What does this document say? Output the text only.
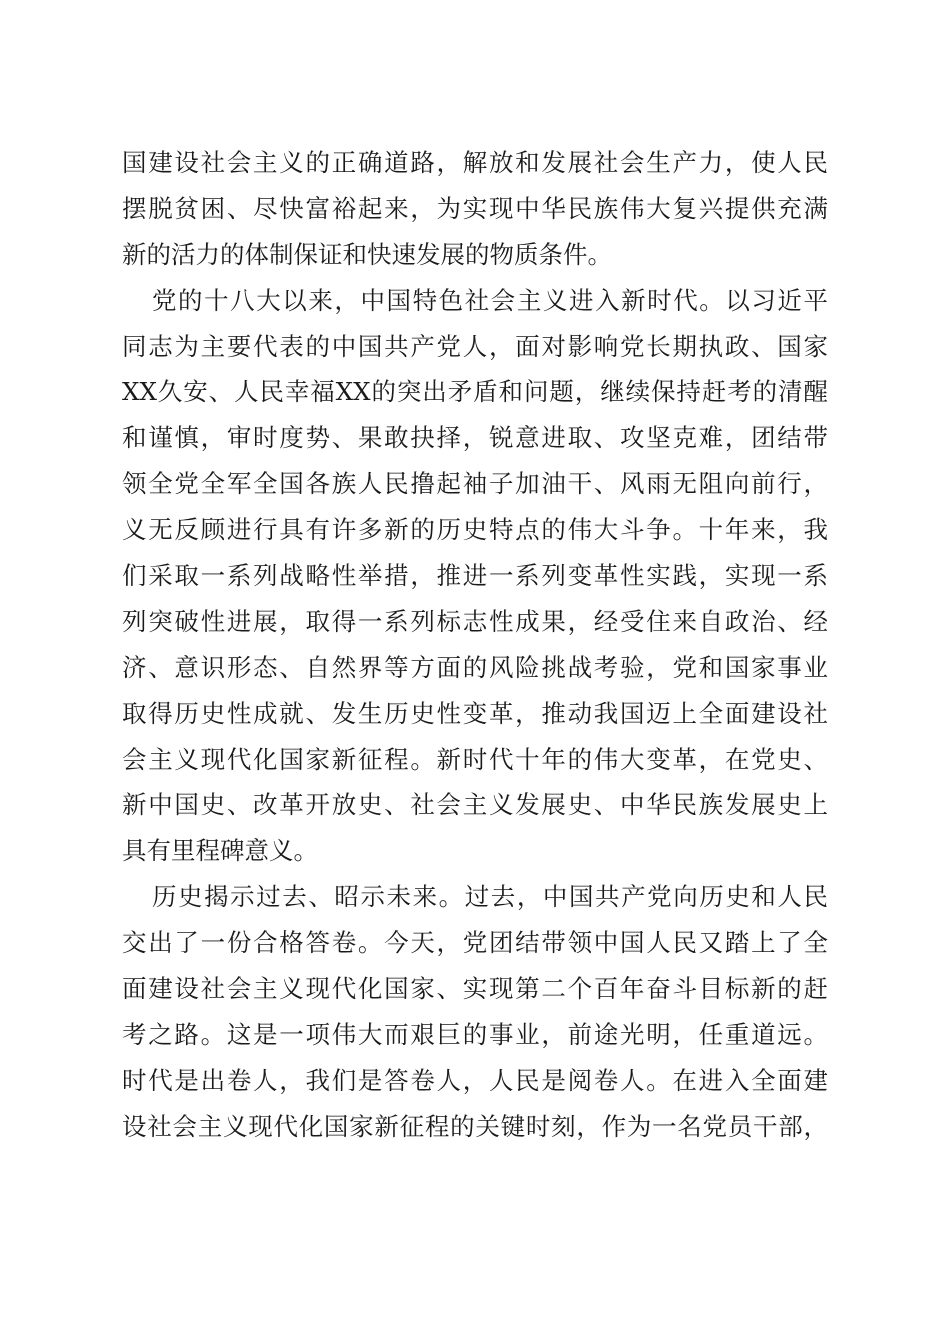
国建设社会主义的正确道路，解放和发展社会生产力，使人民
摆脱贫困、尽快富裕起来，为实现中华民族伟大复兴提供充满
新的活力的体制保证和快速发展的物质条件。
党的十八大以来，中国特色社会主义进入新时代。以习近平
同志为主要代表的中国共产党人，面对影响党长期执政、国家
XX久安、人民幸福XX的突出矛盾和问题，继续保持赶考的清醒
和谨慎，审时度势、果敢抉择，锐意进取、攻坚克难，团结带
领全党全军全国各族人民撸起袖子加油干、风雨无阻向前行，
义无反顾进行具有许多新的历史特点的伟大斗争。十年来，我
们采取一系列战略性举措，推进一系列变革性实践，实现一系
列突破性进展，取得一系列标志性成果，经受住来自政治、经
济、意识形态、自然界等方面的风险挑战考验，党和国家事业
取得历史性成就、发生历史性变革，推动我国迈上全面建设社
会主义现代化国家新征程。新时代十年的伟大变革，在党史、
新中国史、改革开放史、社会主义发展史、中华民族发展史上
具有里程碑意义。
历史揭示过去、昭示未来。过去，中国共产党向历史和人民
交出了一份合格答卷。今天，党团结带领中国人民又踏上了全
面建设社会主义现代化国家、实现第二个百年奋斗目标新的赶
考之路。这是一项伟大而艰巨的事业，前途光明，任重道远。
时代是出卷人，我们是答卷人，人民是阅卷人。在进入全面建
设社会主义现代化国家新征程的关键时刻，作为一名党员干部，
